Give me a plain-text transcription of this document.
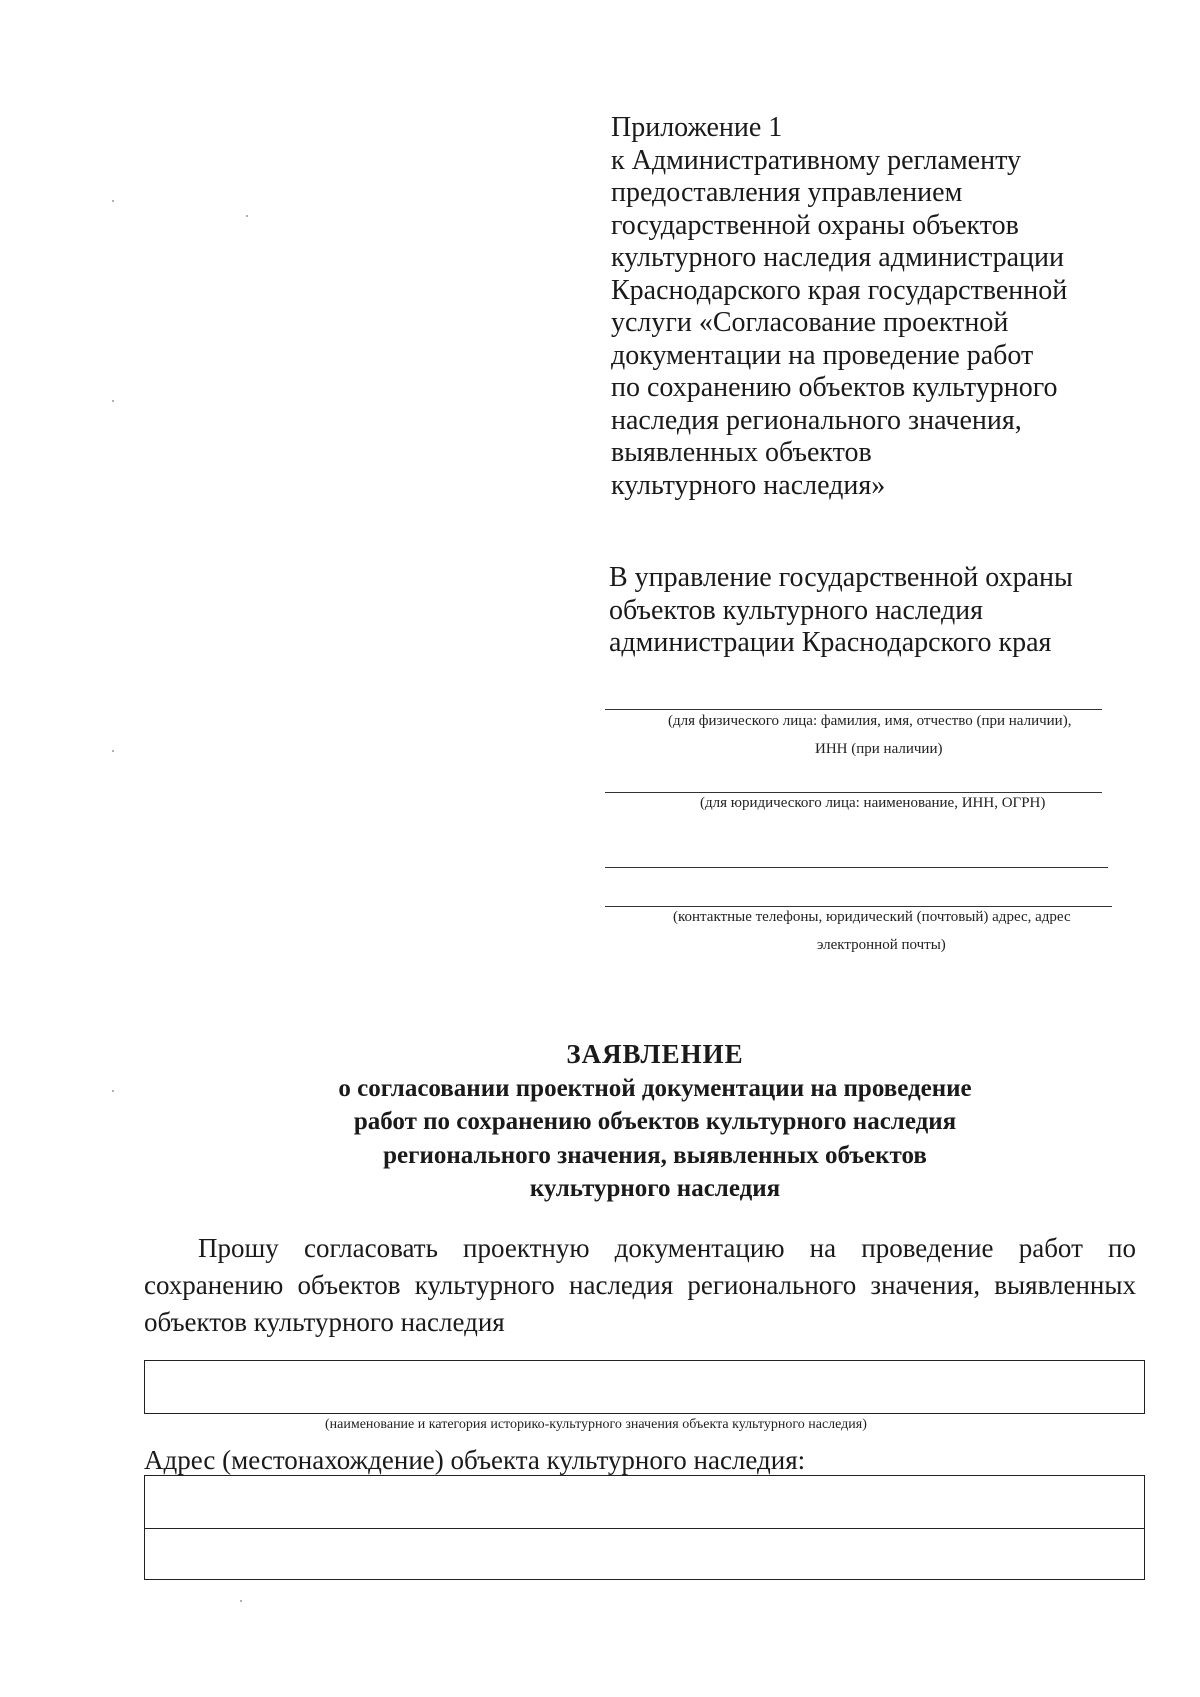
Приложение 1
к Административному регламенту
предоставления управлением
государственной охраны объектов
культурного наследия администрации
Краснодарского края государственной
услуги «Согласование проектной
документации на проведение работ
по сохранению объектов культурного
наследия регионального значения,
выявленных объектов
культурного наследия»
В управление государственной охраны
объектов культурного наследия
администрации Краснодарского края
(для физического лица: фамилия, имя, отчество (при наличии),
ИНН (при наличии)
(для юридического лица: наименование, ИНН, ОГРН)
(контактные телефоны, юридический (почтовый) адрес, адрес
электронной почты)
ЗАЯВЛЕНИЕ
о согласовании проектной документации на проведение
работ по сохранению объектов культурного наследия
регионального значения, выявленных объектов
культурного наследия
Прошу согласовать проектную документацию на проведение работ по сохранению объектов культурного наследия регионального значения, выявленных объектов культурного наследия
(наименование и категория историко-культурного значения объекта культурного наследия)
Адрес (местонахождение) объекта культурного наследия:
